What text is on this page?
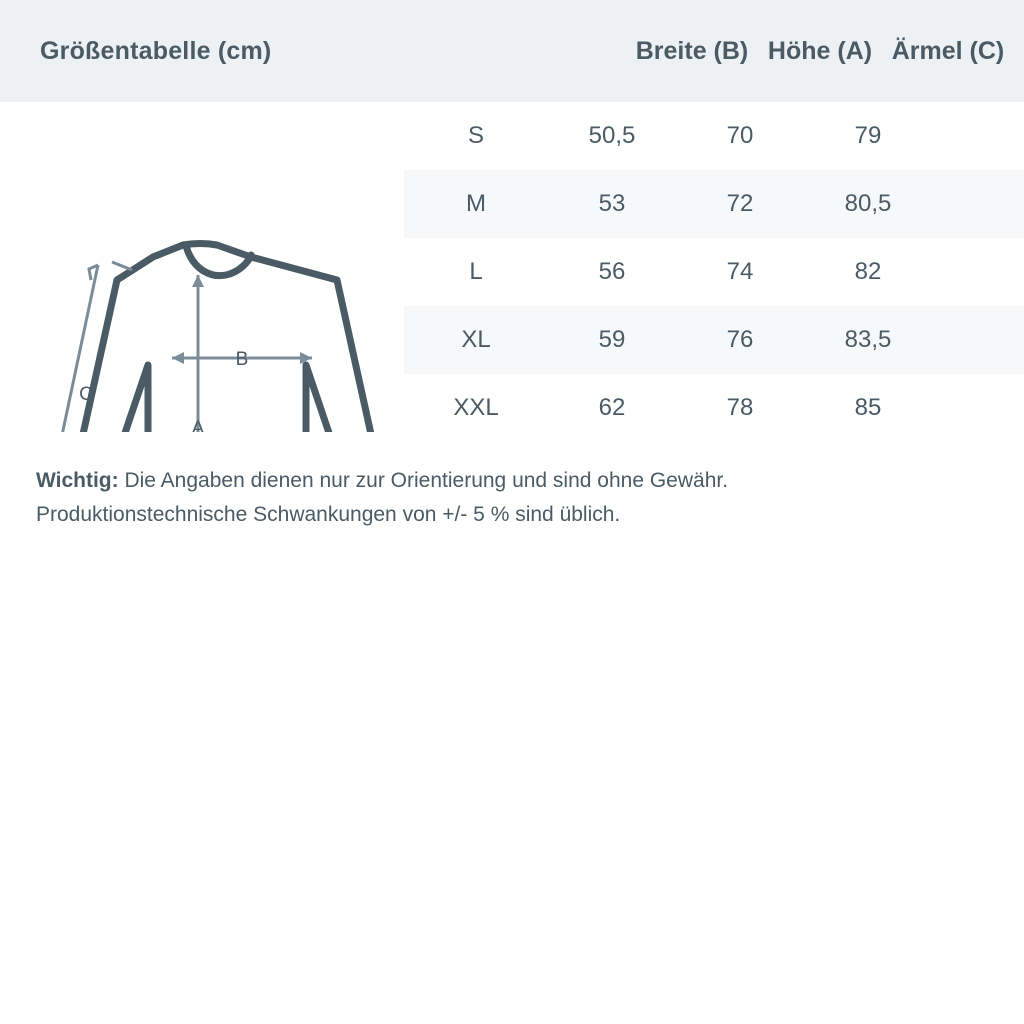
Größentabelle (cm)	Breite (B) Höhe (A) Ärmel (C)
C
B
A
S	50,5	70	79
M	53	72	80,5
L	56	74	82
XL	59	76	83,5
XXL	62	78	85
Wichtig: Die Angaben dienen nur zur Orientierung und sind ohne Gewähr.
Produktionstechnische Schwankungen von +/- 5 % sind üblich.
